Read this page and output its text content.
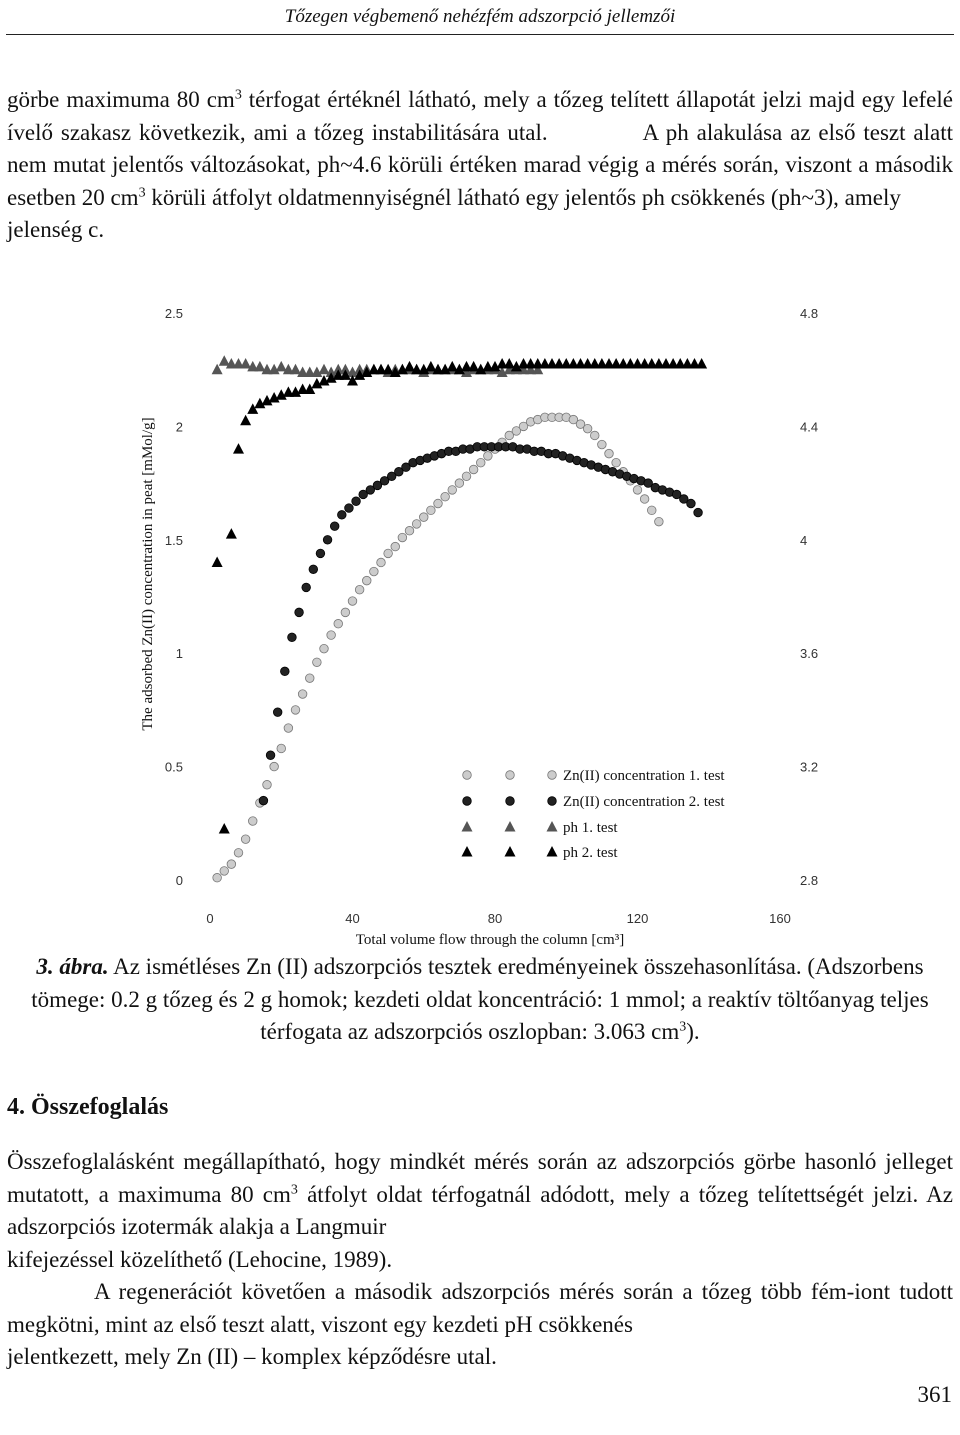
Tőzegen végbemenő nehézfém adszorpció jellemzői

görbe maximuma 80 $cm^3$ térfogat értéknél látható, mely a tőzeg telített állapotát jelzi majd egy lefelé ívelő szakasz következik, ami a tőzeg instabilitására utal.	A ph alakulása az első teszt alatt nem mutat jelentős változásokat, ph~4.6 körüli értéken marad végig a mérés során, viszont a második esetben 20 $cm^3$ körüli átfolyt oldatmennyiségnél látható egy jelentős ph csökkenés (ph~3), amely
jelenség c.

0
0.5
1
1.5
2
2.5
2.8
3.2
3.6
4
4.4
4.8
0	40	80	120	160
Total volume flow through the column [cm³]
The adsorbed Zn(II) concentration in peat [mMol/g]
Zn(II) concentration 1. test
Zn(II) concentration 2. test
ph 1. test
ph 2. test

3. ábra. Az ismétléses Zn (II) adszorpciós tesztek eredményeinek összehasonlítása. (Adszorbens tömege: 0.2 g tőzeg és 2 g homok; kezdeti oldat koncentráció: 1 mmol; a reaktív töltőanyag teljes térfogata az adszorpciós oszlopban: 3.063 $cm^3$).

4. Összefoglalás

Összefoglalásként megállapítható, hogy mindkét mérés során az adszorpciós görbe hasonló jelleget mutatott, a maximuma 80 $cm^3$ átfolyt oldat térfogatnál adódott, mely a tőzeg telítettségét jelzi. Az adszorpciós izotermák alakja a Langmuir
kifejezéssel közelíthető (Lehocine, 1989).

A regenerációt követően a második adszorpciós mérés során a tőzeg több fém-iont tudott megkötni, mint az első teszt alatt, viszont egy kezdeti pH csökkenés
jelentkezett, mely Zn (II) – komplex képződésre utal.

361
